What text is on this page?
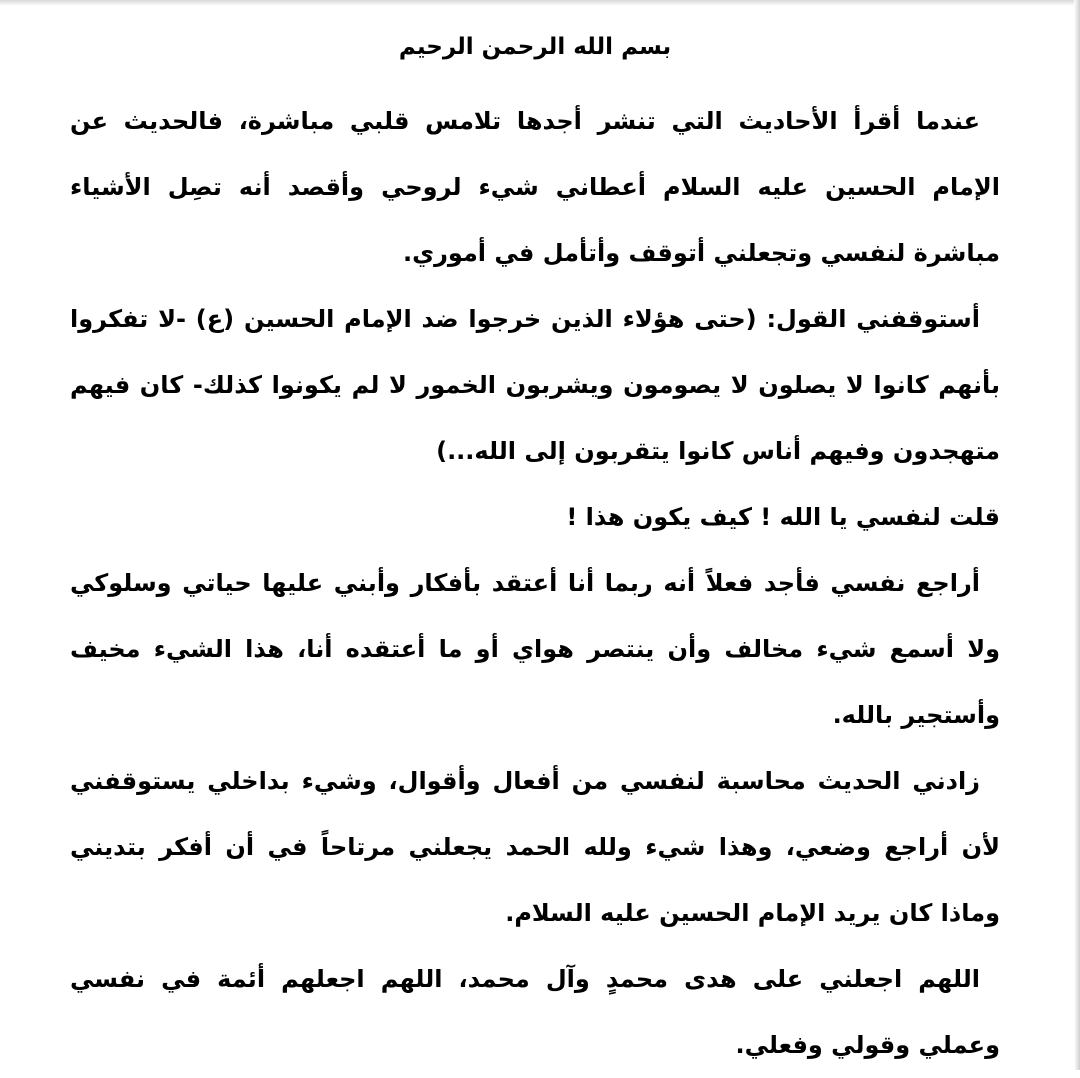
بسم الله الرحمن الرحيم

عندما أقرأ الأحاديث التي تنشر أجدها تلامس قلبي مباشرة، فالحديث عن الإمام الحسين عليه السلام أعطاني شيء لروحي وأقصد أنه تصِل الأشياء مباشرة لنفسي وتجعلني أتوقف وأتأمل في أموري.

أستوقفني القول: (حتى هؤلاء الذين خرجوا ضد الإمام الحسين (ع) -لا تفكروا بأنهم كانوا لا يصلون لا يصومون ويشربون الخمور لا لم يكونوا كذلك- كان فيهم متهجدون وفيهم أناس كانوا يتقربون إلى الله...)

قلت لنفسي يا الله ! كيف يكون هذا !

أراجع نفسي فأجد فعلاً أنه ربما أنا أعتقد بأفكار وأبني عليها حياتي وسلوكي ولا أسمع شيء مخالف وأن ينتصر هواي أو ما أعتقده أنا، هذا الشيء مخيف وأستجير بالله.

زادني الحديث محاسبة لنفسي من أفعال وأقوال، وشيء بداخلي يستوقفني لأن أراجع وضعي، وهذا شيء ولله الحمد يجعلني مرتاحاً في أن أفكر بتديني وماذا كان يريد الإمام الحسين عليه السلام.

اللهم اجعلني على هدى محمدٍ وآل محمد، اللهم اجعلهم أئمة في نفسي وعملي وقولي وفعلي.
